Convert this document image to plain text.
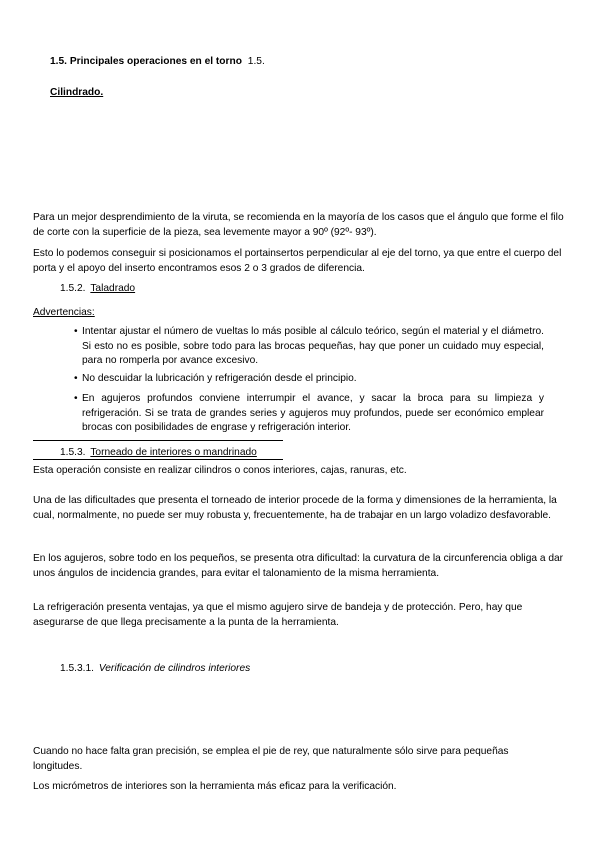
1.5. Principales operaciones en el torno 1.5.
Cilindrado.

Para un mejor desprendimiento de la viruta, se recomienda en la mayoría de los casos que el ángulo que forme el filo de corte con la superficie de la pieza, sea levemente mayor a 90º (92º- 93º).

Esto lo podemos conseguir si posicionamos el portainsertos perpendicular al eje del torno, ya que entre el cuerpo del porta y el apoyo del inserto encontramos esos 2 o 3 grados de diferencia.

1.5.2. Taladrado
Advertencias:
• Intentar ajustar el número de vueltas lo más posible al cálculo teórico, según el material y el diámetro. Si esto no es posible, sobre todo para las brocas pequeñas, hay que poner un cuidado muy especial, para no romperla por avance excesivo.
• No descuidar la lubricación y refrigeración desde el principio.
• En agujeros profundos conviene interrumpir el avance, y sacar la broca para su limpieza y refrigeración. Si se trata de grandes series y agujeros muy profundos, puede ser económico emplear brocas con posibilidades de engrase y refrigeración interior.
1.5.3. Torneado de interiores o mandrinado

Esta operación consiste en realizar cilindros o conos interiores, cajas, ranuras, etc.

Una de las dificultades que presenta el torneado de interior procede de la forma y dimensiones de la herramienta, la cual, normalmente, no puede ser muy robusta y, frecuentemente, ha de trabajar en un largo voladizo desfavorable.

En los agujeros, sobre todo en los pequeños, se presenta otra dificultad: la curvatura de la circunferencia obliga a dar unos ángulos de incidencia grandes, para evitar el talonamiento de la misma herramienta.

La refrigeración presenta ventajas, ya que el mismo agujero sirve de bandeja y de protección. Pero, hay que asegurarse de que llega precisamente a la punta de la herramienta.

1.5.3.1. Verificación de cilindros interiores

Cuando no hace falta gran precisión, se emplea el pie de rey, que naturalmente sólo sirve para pequeñas longitudes.

Los micrómetros de interiores son la herramienta más eficaz para la verificación.
